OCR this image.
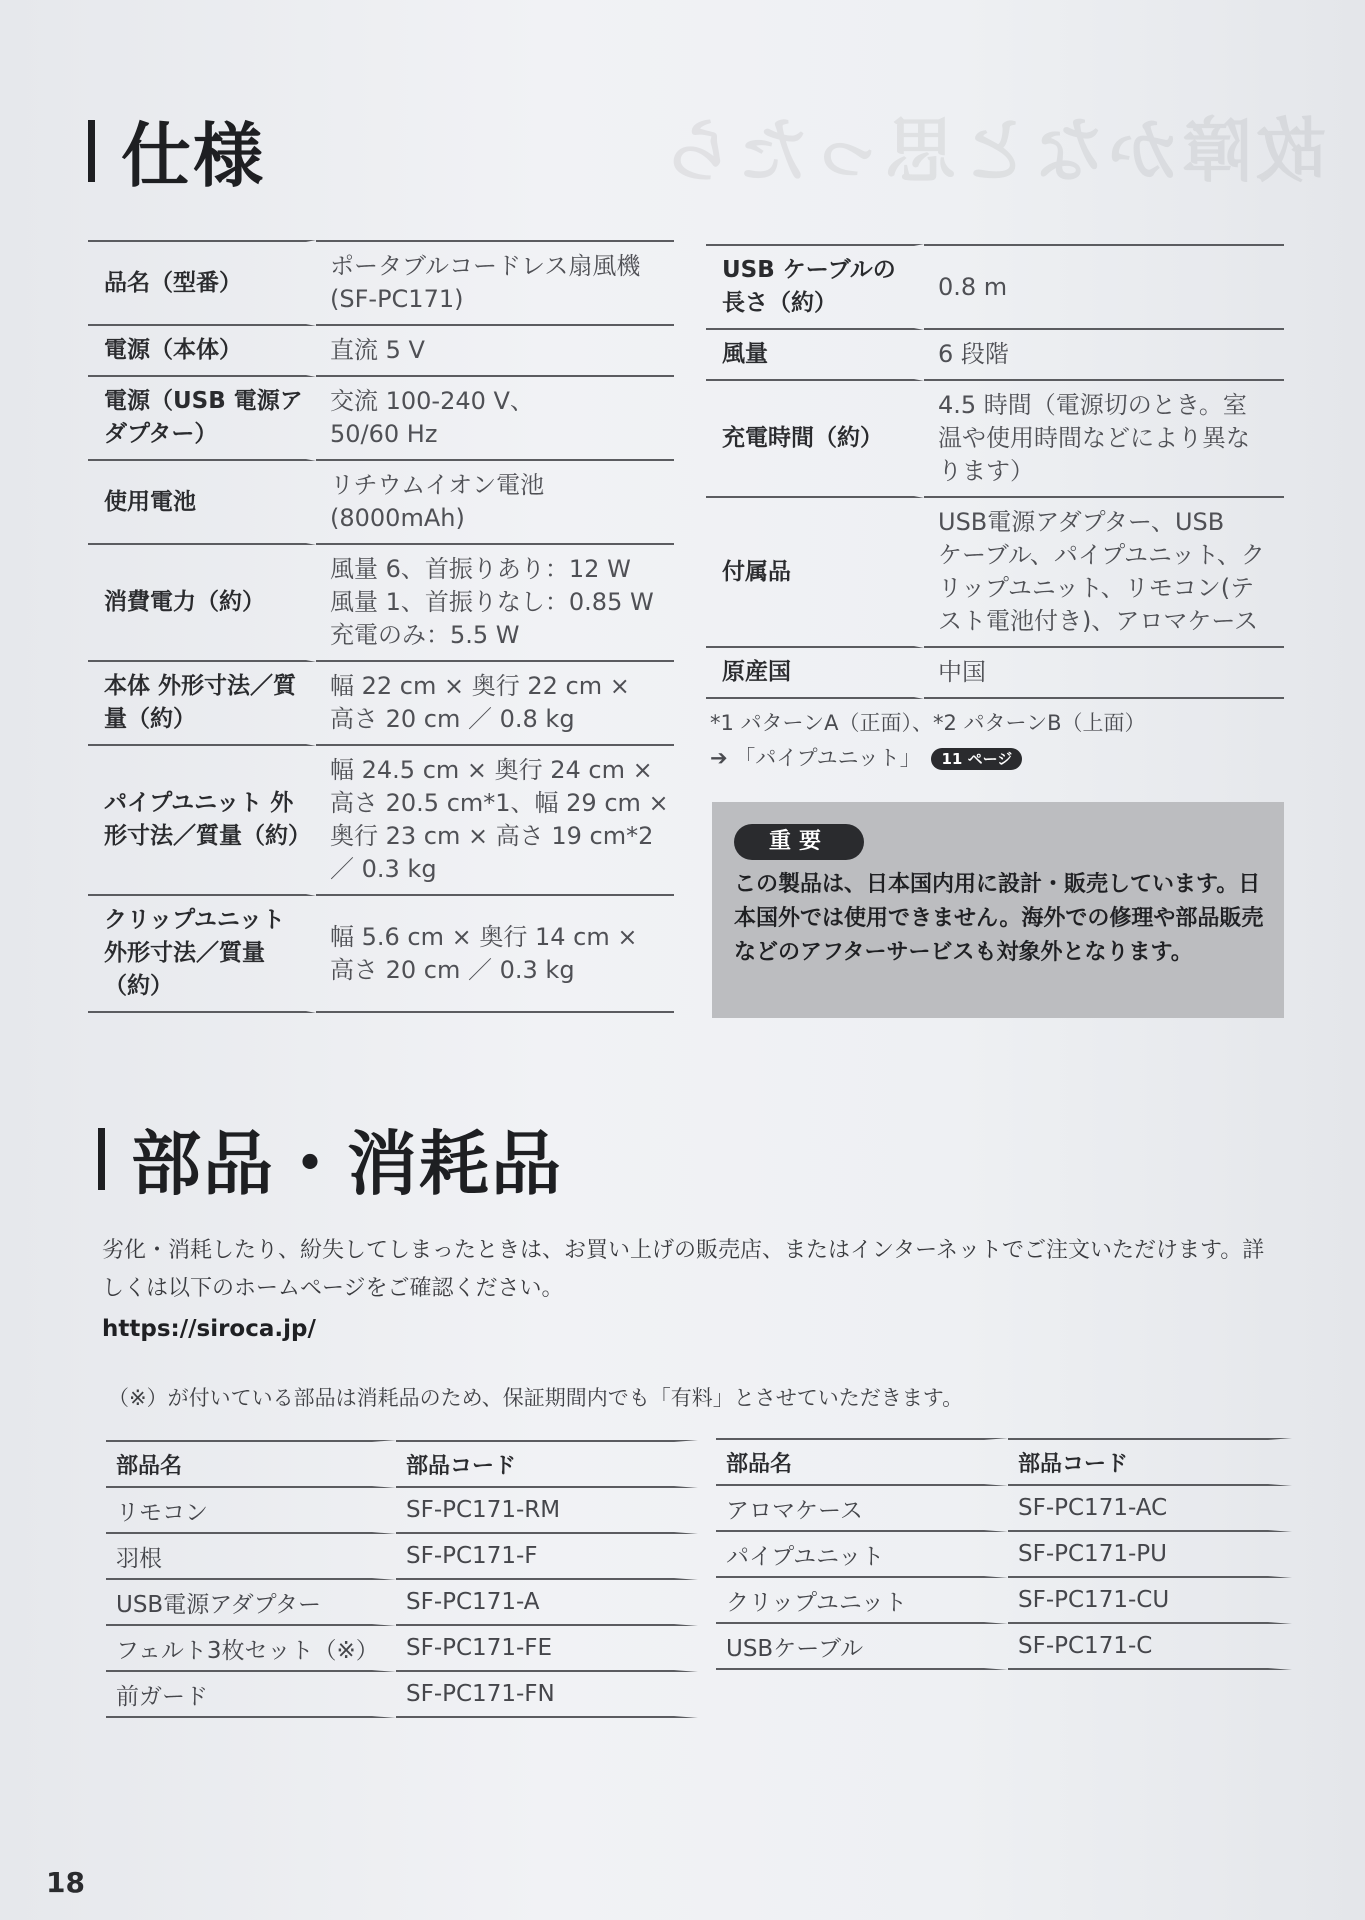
故障かなと思ったら
仕様
品名（型番）	ポータブルコードレス扇風機
(SF-PC171)

電源（本体）	直流 5 V

電源（USB 電源アダプター）	交流 100-240 V、
50/60 Hz

使用電池	リチウムイオン電池
(8000mAh)

消費電力（約）	風量 6、首振りあり：12 W
風量 1、首振りなし：0.85 W
充電のみ：5.5 W

本体 外形寸法／質量（約）	幅 22 cm × 奥行 22 cm ×
高さ 20 cm ／ 0.8 kg

パイプユニット 外形寸法／質量（約）	幅 24.5 cm × 奥行 24 cm ×
高さ 20.5 cm*1、幅 29 cm ×
奥行 23 cm × 高さ 19 cm*2
／ 0.3 kg

クリップユニット 外形寸法／質量（約）	幅 5.6 cm × 奥行 14 cm ×
高さ 20 cm ／ 0.3 kg
USB ケーブルの長さ（約）	0.8 m

風量	6 段階

充電時間（約）	4.5 時間（電源切のとき。室
温や使用時間などにより異な
ります）

付属品	USB電源アダプター、USB
ケーブル、パイプユニット、ク
リップユニット、リモコン(テ
スト電池付き)、アロマケース

原産国	中国
*1 パターンA（正面）、*2 パターンB（上面）
➔ 「パイプユニット」 11 ページ
重要
この製品は、日本国内用に設計・販売しています。日本国外では使用できません。海外での修理や部品販売などのアフターサービスも対象外となります。
部品・消耗品
劣化・消耗したり、紛失してしまったときは、お買い上げの販売店、またはインターネットでご注文いただけます。詳しくは以下のホームページをご確認ください。
https://siroca.jp/
（※）が付いている部品は消耗品のため、保証期間内でも「有料」とさせていただきます。
部品名	部品コード
リモコン	SF-PC171-RM
羽根	SF-PC171-F
USB電源アダプター	SF-PC171-A
フェルト3枚セット（※）	SF-PC171-FE
前ガード	SF-PC171-FN
部品名	部品コード
アロマケース	SF-PC171-AC
パイプユニット	SF-PC171-PU
クリップユニット	SF-PC171-CU
USBケーブル	SF-PC171-C
18
